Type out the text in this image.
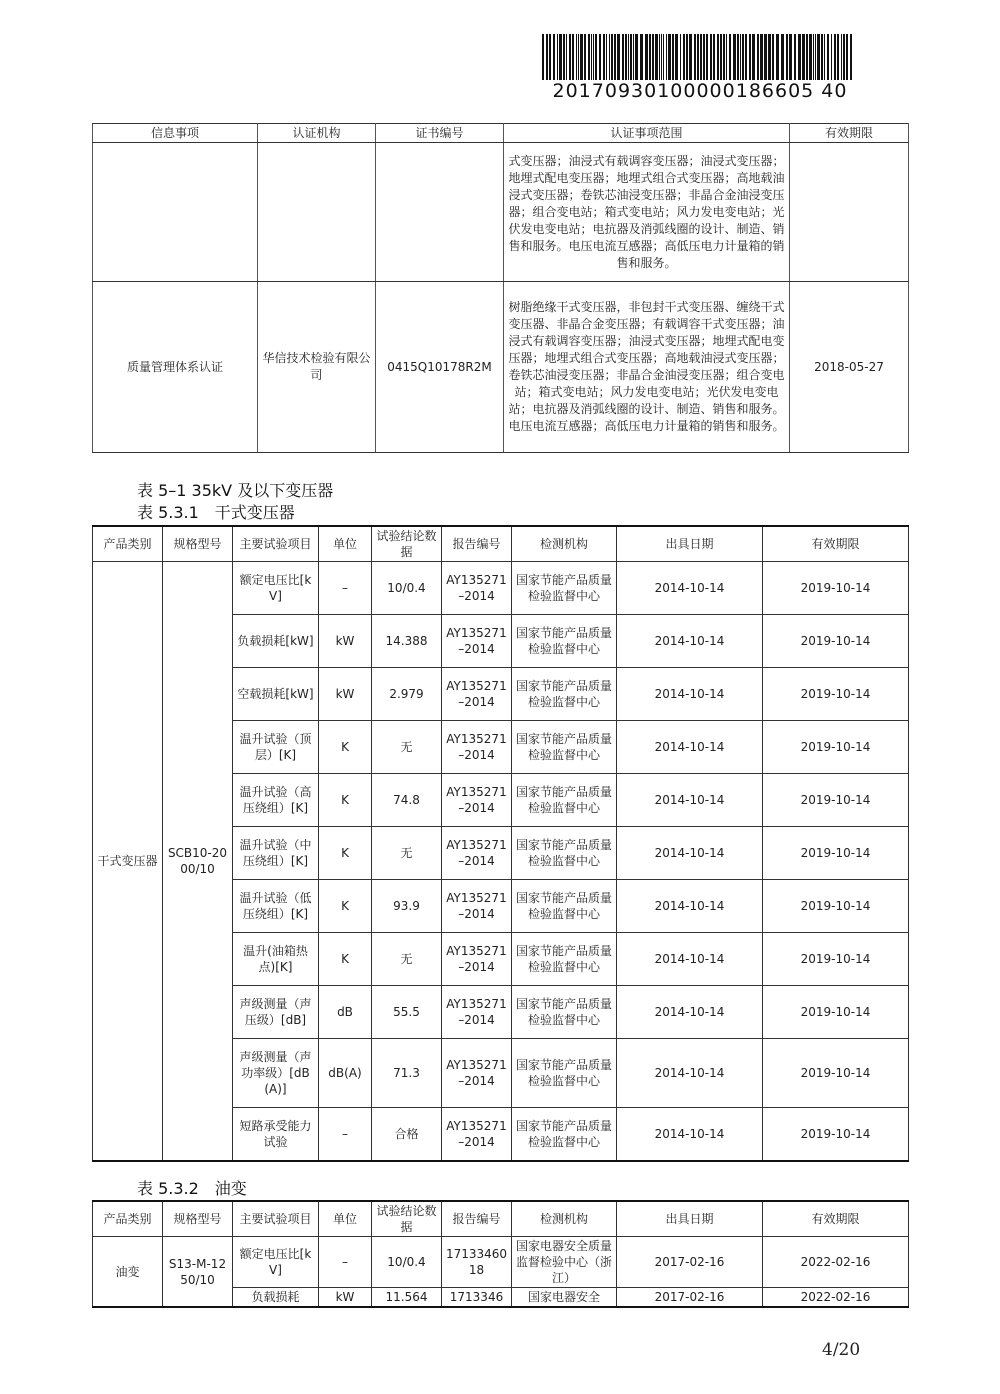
20170930100000186605 40
信息事项	认证机构	证书编号	认证事项范围	有效期限
			式变压器；油浸式有载调容变压器；油浸式变压器；地埋式配电变压器；地埋式组合式变压器；高地载油浸式变压器；卷铁芯油浸变压器；非晶合金油浸变压器；组合变电站；箱式变电站；风力发电变电站；光伏发电变电站；电抗器及消弧线圈的设计、制造、销售和服务。电压电流互感器；高低压电力计量箱的销售和服务。	
质量管理体系认证	华信技术检验有限公司	0415Q10178R2M	树脂绝缘干式变压器，非包封干式变压器、缠绕干式变压器、非晶合金变压器；有载调容干式变压器；油浸式有载调容变压器；油浸式变压器；地埋式配电变压器；地埋式组合式变压器；高地载油浸式变压器；卷铁芯油浸变压器；非晶合金油浸变压器；组合变电站；箱式变电站；风力发电变电站；光伏发电变电站；电抗器及消弧线圈的设计、制造、销售和服务。电压电流互感器；高低压电力计量箱的销售和服务。	2018-05-27
表 5–1 35kV 及以下变压器
表 5.3.1　干式变压器
产品类别	规格型号	主要试验项目	单位	试验结论数据	报告编号	检测机构	出具日期	有效期限
干式变压器	SCB10-2000/10	额定电压比[kV]	–	10/0.4	AY135271–2014	国家节能产品质量检验监督中心	2014-10-14	2019-10-14
		负载损耗[kW]	kW	14.388	AY135271–2014	国家节能产品质量检验监督中心	2014-10-14	2019-10-14
		空载损耗[kW]	kW	2.979	AY135271–2014	国家节能产品质量检验监督中心	2014-10-14	2019-10-14
		温升试验（顶层）[K]	K	无	AY135271–2014	国家节能产品质量检验监督中心	2014-10-14	2019-10-14
		温升试验（高压绕组）[K]	K	74.8	AY135271–2014	国家节能产品质量检验监督中心	2014-10-14	2019-10-14
		温升试验（中压绕组）[K]	K	无	AY135271–2014	国家节能产品质量检验监督中心	2014-10-14	2019-10-14
		温升试验（低压绕组）[K]	K	93.9	AY135271–2014	国家节能产品质量检验监督中心	2014-10-14	2019-10-14
		温升(油箱热点)[K]	K	无	AY135271–2014	国家节能产品质量检验监督中心	2014-10-14	2019-10-14
		声级测量（声压级）[dB]	dB	55.5	AY135271–2014	国家节能产品质量检验监督中心	2014-10-14	2019-10-14
		声级测量（声功率级）[dB(A)]	dB(A)	71.3	AY135271–2014	国家节能产品质量检验监督中心	2014-10-14	2019-10-14
		短路承受能力试验	–	合格	AY135271–2014	国家节能产品质量检验监督中心	2014-10-14	2019-10-14
表 5.3.2　油变
产品类别	规格型号	主要试验项目	单位	试验结论数据	报告编号	检测机构	出具日期	有效期限
油变	S13-M-1250/10	额定电压比[kV]	–	10/0.4	1713346018	国家电器安全质量监督检验中心（浙江）	2017-02-16	2022-02-16
		负载损耗	kW	11.564	1713346	国家电器安全	2017-02-16	2022-02-16
4/20
